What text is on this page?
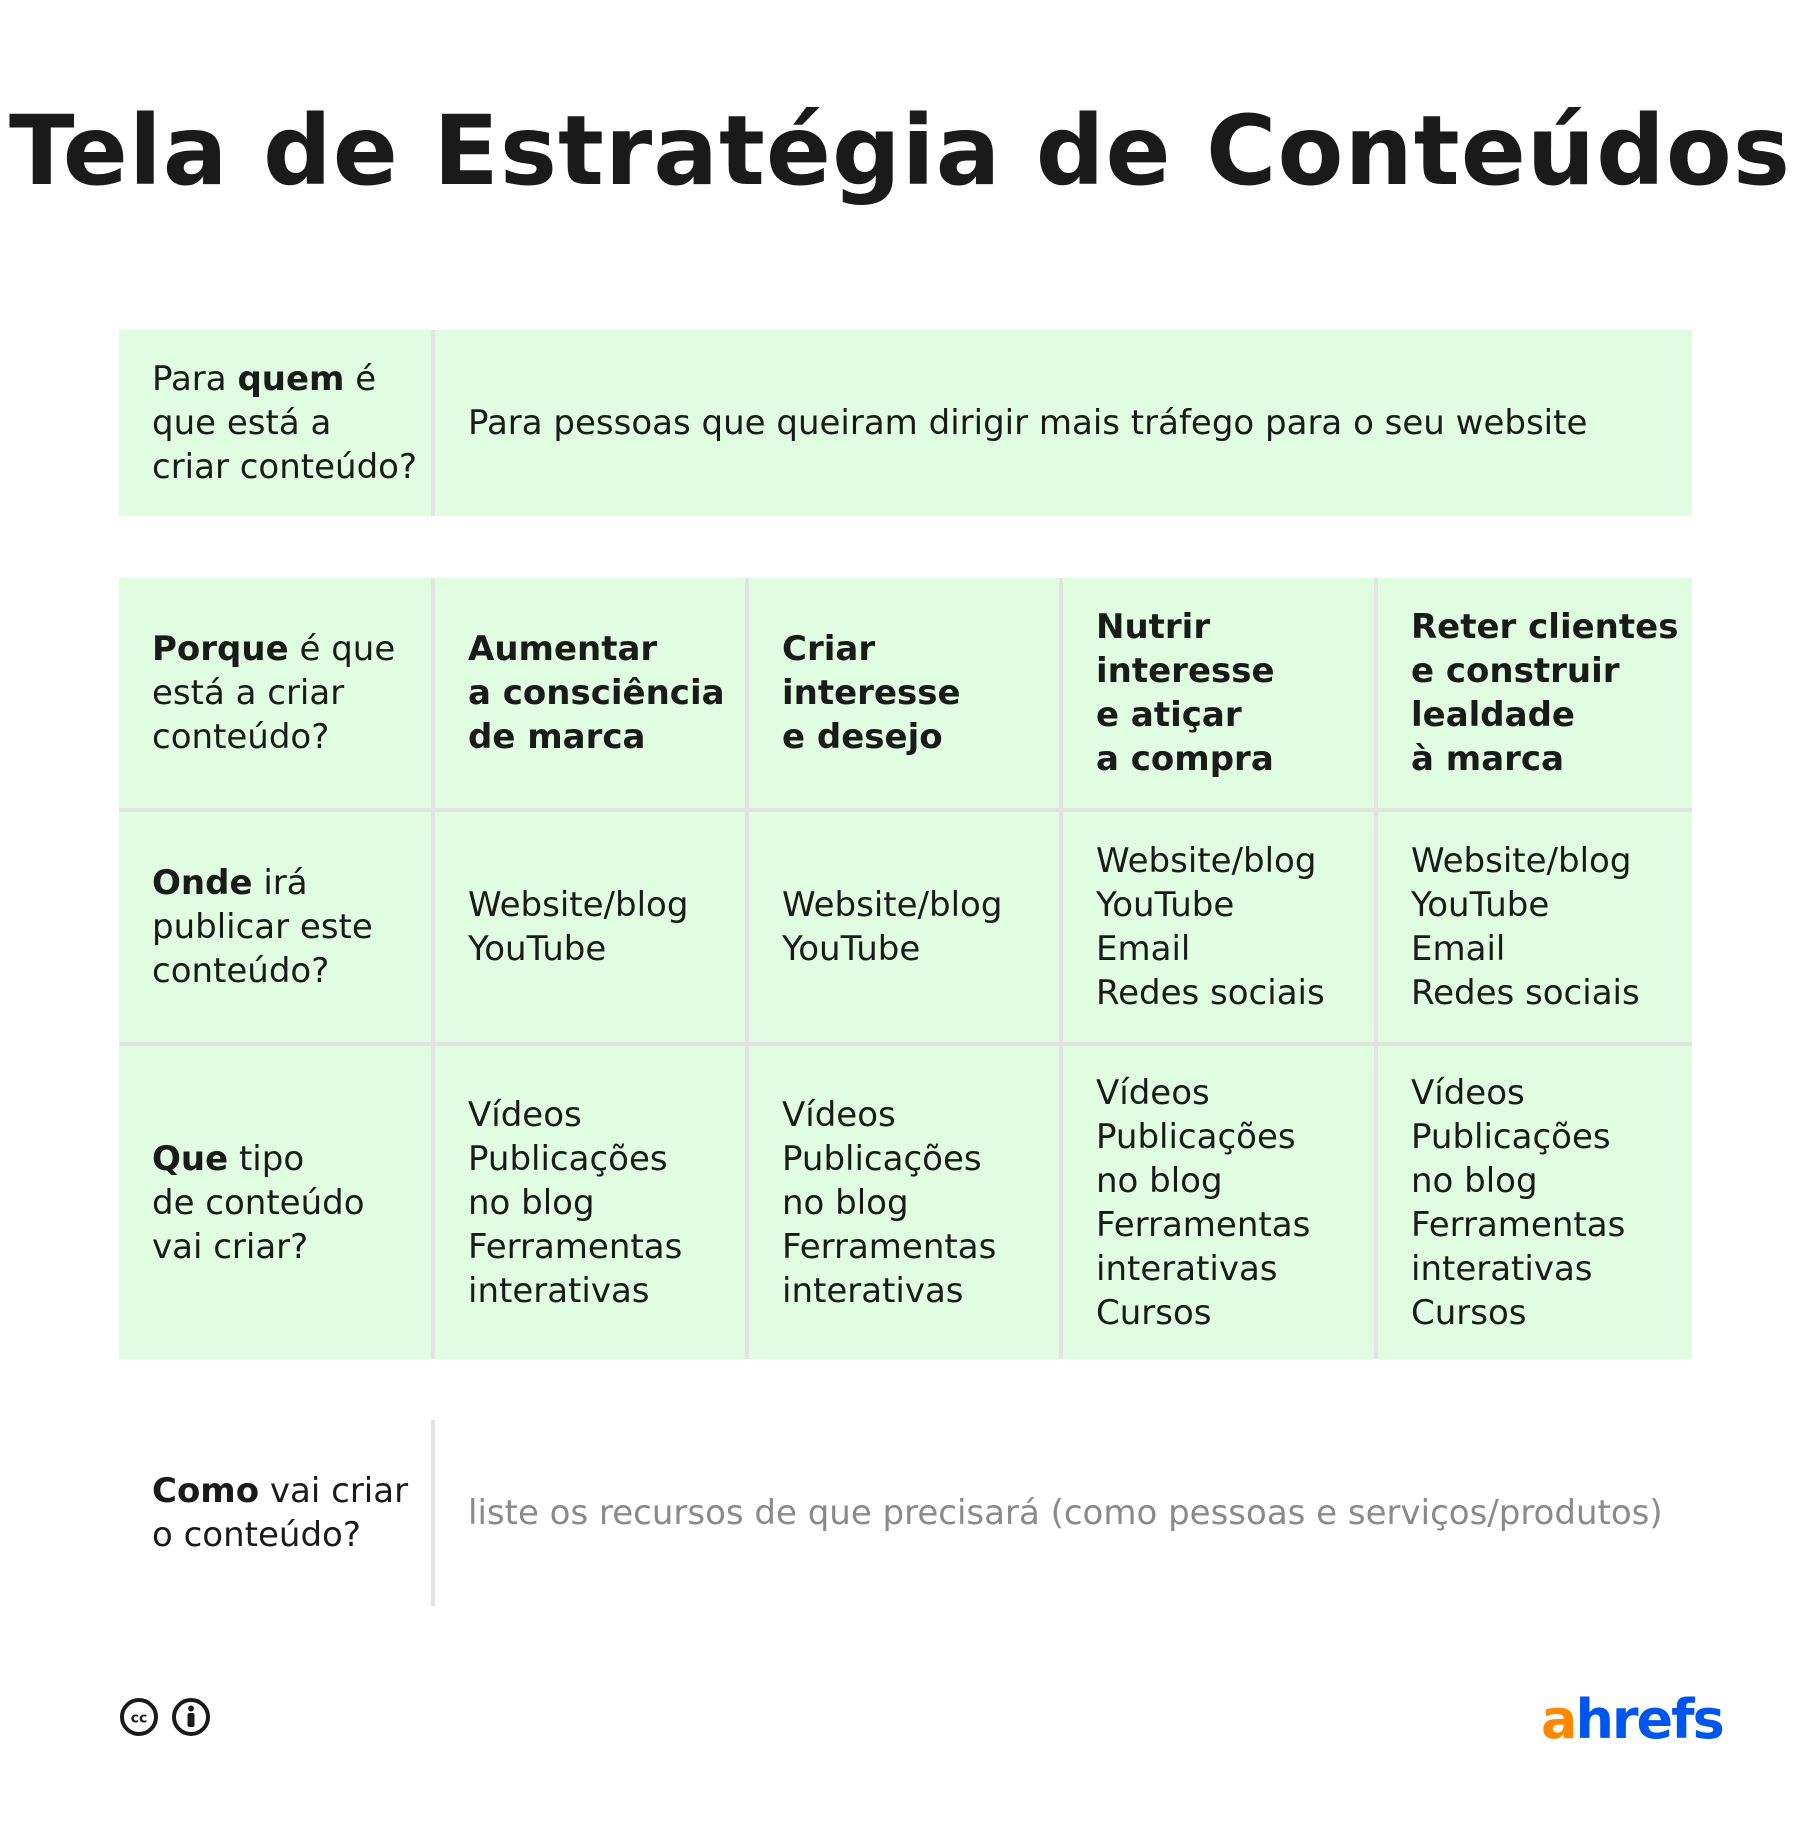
Tela de Estratégia de Conteúdos
Para quem é
que está a
criar conteúdo?
Para pessoas que queiram dirigir mais tráfego para o seu website
Porque é que
está a criar
conteúdo?
Aumentar
a consciência
de marca
Criar
interesse
e desejo
Nutrir
interesse
e atiçar
a compra
Reter clientes
e construir
lealdade
à marca
Onde irá
publicar este
conteúdo?
Website/blog
YouTube
Website/blog
YouTube
Website/blog
YouTube
Email
Redes sociais
Website/blog
YouTube
Email
Redes sociais
Que tipo
de conteúdo
vai criar?
Vídeos
Publicações
no blog
Ferramentas
interativas
Vídeos
Publicações
no blog
Ferramentas
interativas
Vídeos
Publicações
no blog
Ferramentas
interativas
Cursos
Vídeos
Publicações
no blog
Ferramentas
interativas
Cursos
Como vai criar
o conteúdo?
liste os recursos de que precisará (como pessoas e serviços/produtos)
cc	ahrefs
